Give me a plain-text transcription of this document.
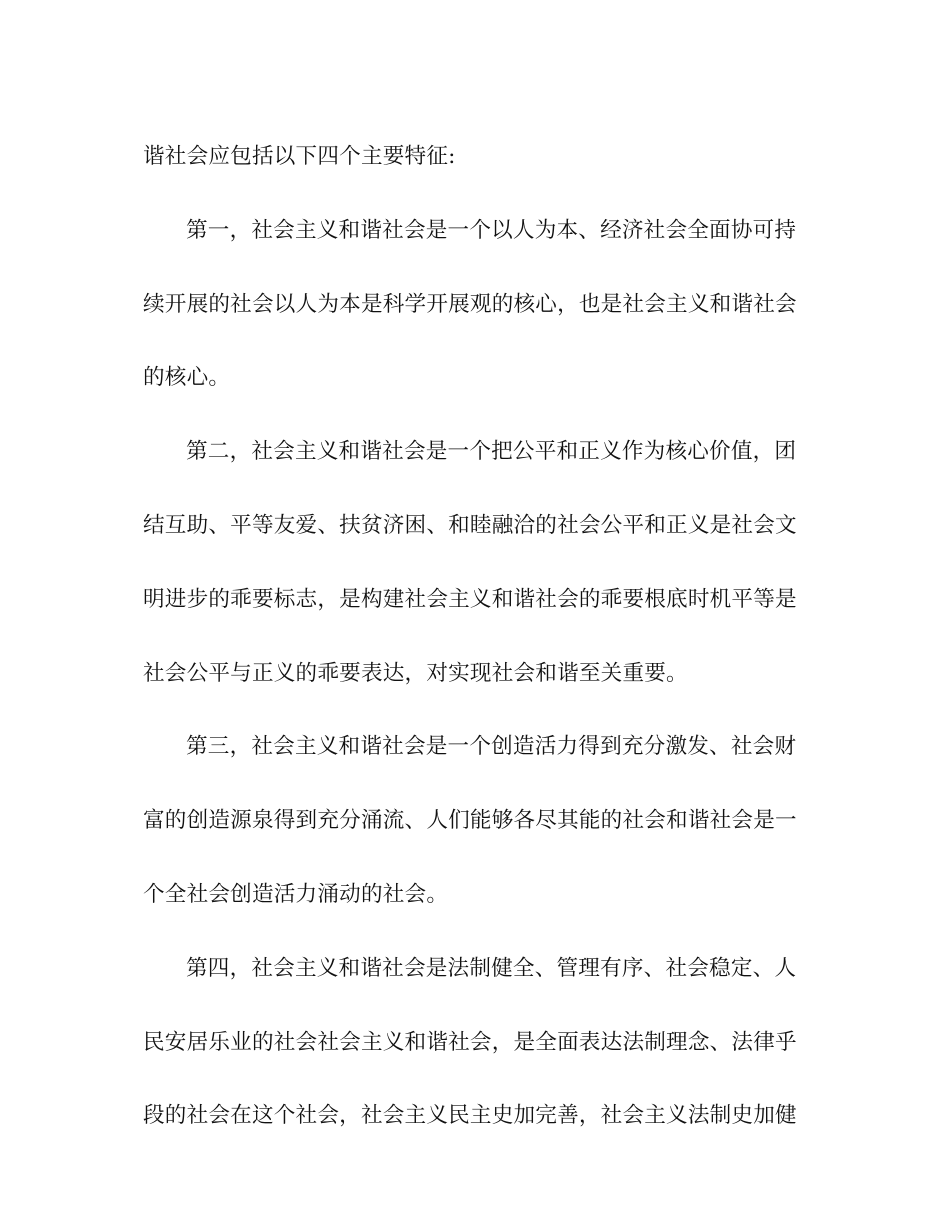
谐社会应包括以下四个主要特征:
第一，社会主义和谐社会是一个以人为本、经济社会全面协可持
续开展的社会以人为本是科学开展观的核心，也是社会主义和谐社会
的核心。
第二，社会主义和谐社会是一个把公平和正义作为核心价值，团
结互助、平等友爱、扶贫济困、和睦融洽的社会公平和正义是社会文
明进步的乖要标志，是构建社会主义和谐社会的乖要根底时机平等是
社会公平与正义的乖要表达，对实现社会和谐至关重要。
第三，社会主义和谐社会是一个创造活力得到充分激发、社会财
富的创造源泉得到充分涌流、人们能够各尽其能的社会和谐社会是一
个全社会创造活力涌动的社会。
第四，社会主义和谐社会是法制健全、管理有序、社会稳定、人
民安居乐业的社会社会主义和谐社会，是全面表达法制理念、法律乎
段的社会在这个社会，社会主义民主史加完善，社会主义法制史加健
